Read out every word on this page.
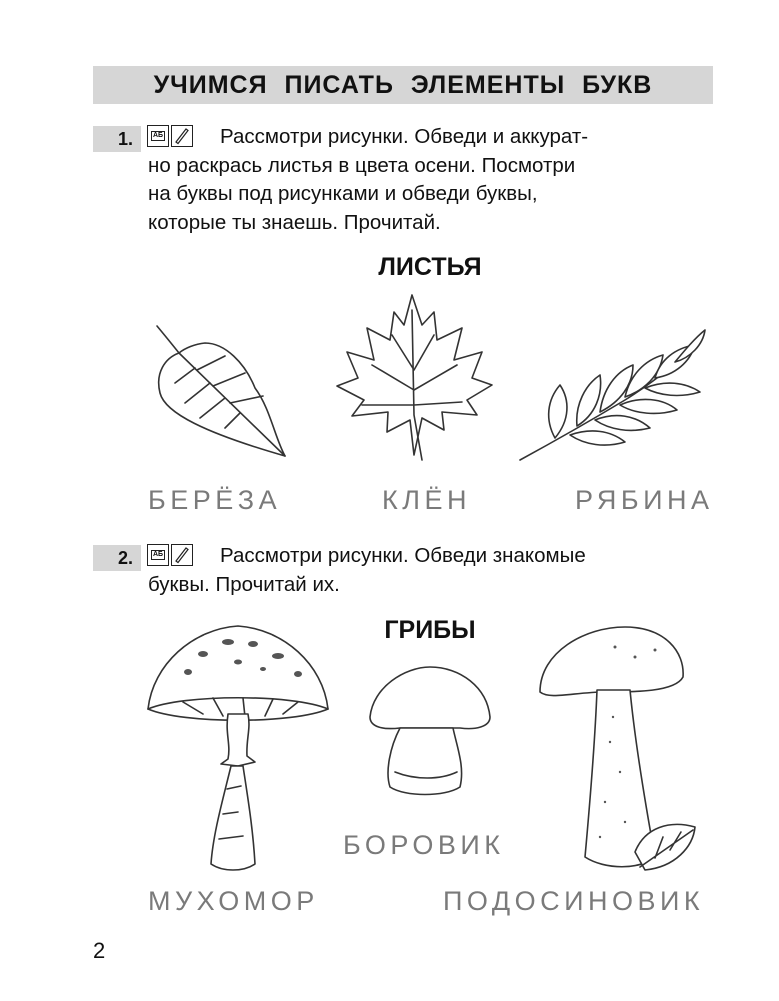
УЧИМСЯ ПИСАТЬ ЭЛЕМЕНТЫ БУКВ
1.	АБ	Рассмотри рисунки. Обведи и аккурат-
но раскрась листья в цвета осени. Посмотри
на буквы под рисунками и обведи буквы,
которые ты знаешь. Прочитай.
ЛИСТЬЯ
БЕРЁЗА	КЛЁН	РЯБИНА
2.	АБ	Рассмотри рисунки. Обведи знакомые
буквы. Прочитай их.
ГРИБЫ
БОРОВИК
МУХОМОР	ПОДОСИНОВИК
2
